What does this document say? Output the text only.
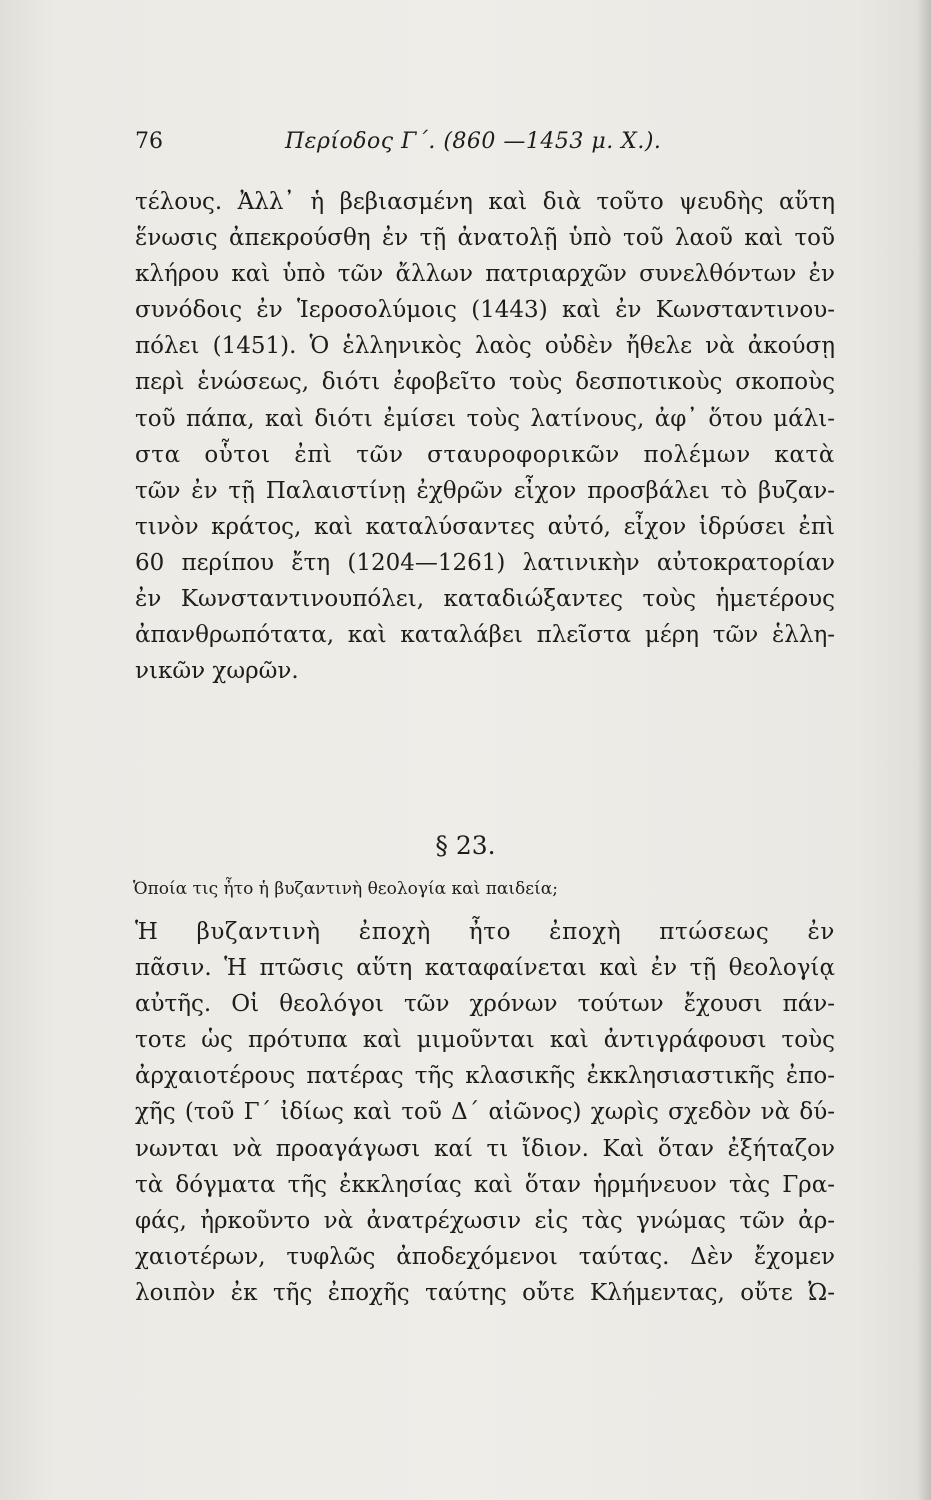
76	Περίοδος Γ΄. (860 —1453 μ. Χ.).
τέλους. Ἀλλ᾽ ἡ βεβιασμένη καὶ διὰ τοῦτο ψευδὴς αὕτη
ἕνωσις ἀπεκρούσθη ἐν τῇ ἀνατολῇ ὑπὸ τοῦ λαοῦ καὶ τοῦ
κλήρου καὶ ὑπὸ τῶν ἄλλων πατριαρχῶν συνελθόντων ἐν
συνόδοις ἐν Ἱεροσολύμοις (1443) καὶ ἐν Κωνσταντινου-
πόλει (1451). Ὁ ἑλληνικὸς λαὸς οὐδὲν ἤθελε νὰ ἀκούσῃ
περὶ ἑνώσεως, διότι ἐφοβεῖτο τοὺς δεσποτικοὺς σκοποὺς
τοῦ πάπα, καὶ διότι ἐμίσει τοὺς λατίνους, ἀφ᾽ ὅτου μάλι-
στα οὗτοι ἐπὶ τῶν σταυροφορικῶν πολέμων κατὰ
τῶν ἐν τῇ Παλαιστίνῃ ἐχθρῶν εἶχον προσβάλει τὸ βυζαν-
τινὸν κράτος, καὶ καταλύσαντες αὐτό, εἶχον ἱδρύσει ἐπὶ
60 περίπου ἔτη (1204—1261) λατινικὴν αὐτοκρατορίαν
ἐν Κωνσταντινουπόλει, καταδιώξαντες τοὺς ἡμετέρους
ἀπανθρωπότατα, καὶ καταλάβει πλεῖστα μέρη τῶν ἑλλη-
νικῶν χωρῶν.
§ 23.
Ὁποία τις ἦτο ἡ βυζαντινὴ θεολογία καὶ παιδεία;
Ἡ βυζαντινὴ ἐποχὴ ἦτο ἐποχὴ πτώσεως ἐν
πᾶσιν. Ἡ πτῶσις αὕτη καταφαίνεται καὶ ἐν τῇ θεολογίᾳ
αὐτῆς. Οἱ θεολόγοι τῶν χρόνων τούτων ἔχουσι πάν-
τοτε ὡς πρότυπα καὶ μιμοῦνται καὶ ἀντιγράφουσι τοὺς
ἀρχαιοτέρους πατέρας τῆς κλασικῆς ἐκκλησιαστικῆς ἐπο-
χῆς (τοῦ Γ΄ ἰδίως καὶ τοῦ Δ΄ αἰῶνος) χωρὶς σχεδὸν νὰ δύ-
νωνται νὰ προαγάγωσι καί τι ἴδιον. Καὶ ὅταν ἐξήταζον
τὰ δόγματα τῆς ἐκκλησίας καὶ ὅταν ἡρμήνευον τὰς Γρα-
φάς, ἠρκοῦντο νὰ ἀνατρέχωσιν εἰς τὰς γνώμας τῶν ἀρ-
χαιοτέρων, τυφλῶς ἀποδεχόμενοι ταύτας. Δὲν ἔχομεν
λοιπὸν ἐκ τῆς ἐποχῆς ταύτης οὔτε Κλήμεντας, οὔτε Ὠ-
